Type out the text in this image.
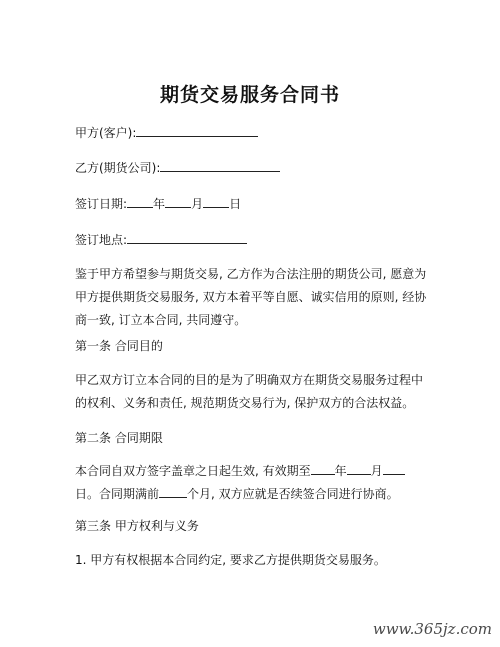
期货交易服务合同书
甲方(客户):
乙方(期货公司):
签订日期: 年 月 日
签订地点:
鉴于甲方希望参与期货交易, 乙方作为合法注册的期货公司, 愿意为甲方提供期货交易服务, 双方本着平等自愿、诚实信用的原则, 经协商一致, 订立本合同, 共同遵守。
第一条 合同目的
甲乙双方订立本合同的目的是为了明确双方在期货交易服务过程中的权利、义务和责任, 规范期货交易行为, 保护双方的合法权益。
第二条 合同期限
本合同自双方签字盖章之日起生效, 有效期至 年 月日。合同期满前 个月, 双方应就是否续签合同进行协商。
第三条 甲方权利与义务
1. 甲方有权根据本合同约定, 要求乙方提供期货交易服务。
www.365jz.com
